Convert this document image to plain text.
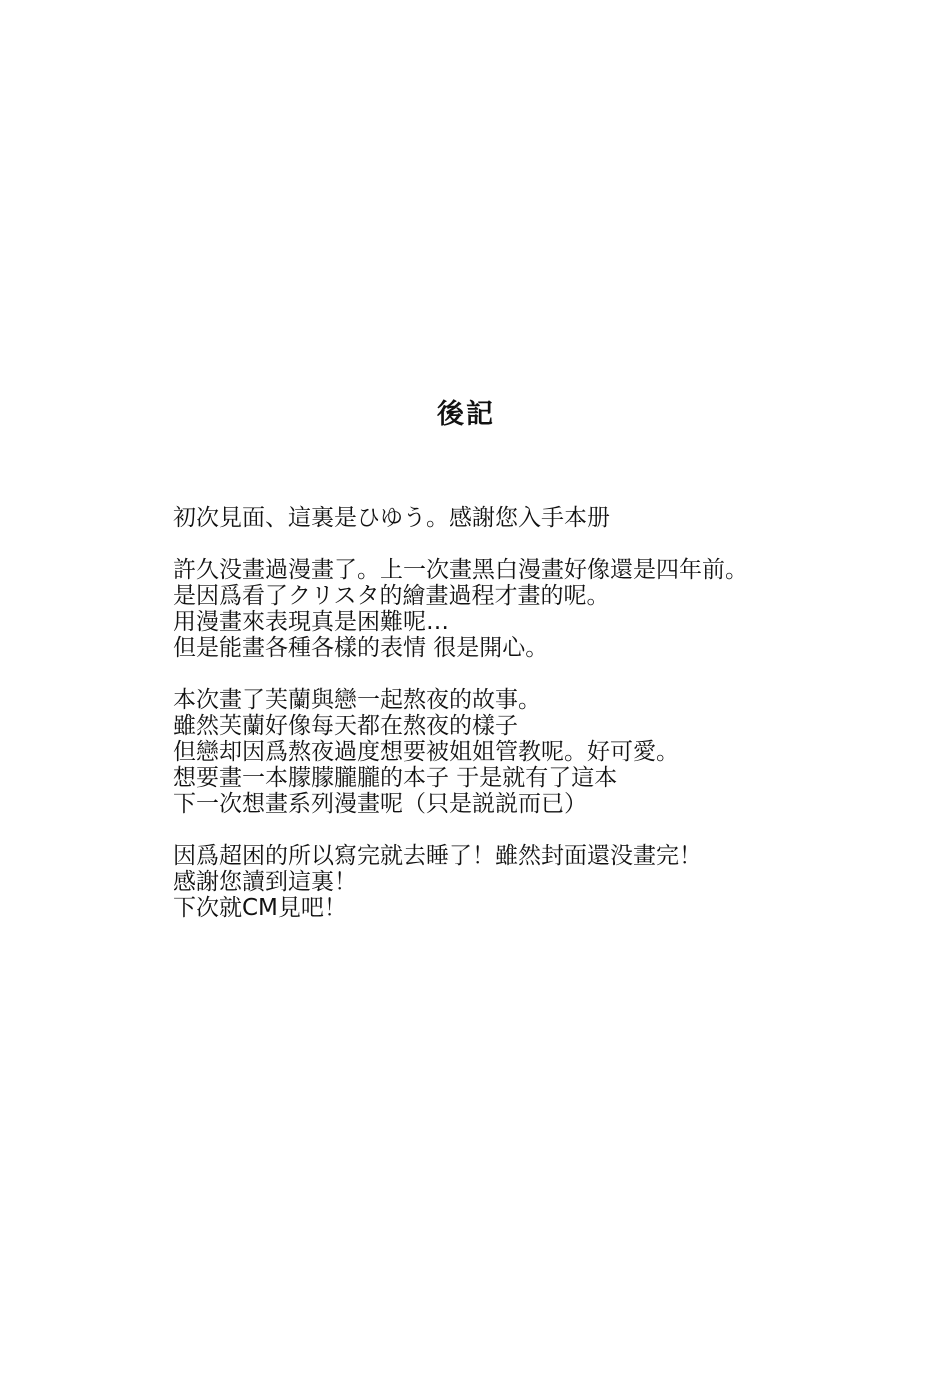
後記
初次見面、這裏是ひゆう。感謝您入手本册
許久没畫過漫畫了。上一次畫黑白漫畫好像還是四年前。
是因爲看了クリスタ的繪畫過程才畫的呢。
用漫畫來表現真是困難呢…
但是能畫各種各樣的表情 很是開心。
本次畫了芙蘭與戀一起熬夜的故事。
雖然芙蘭好像每天都在熬夜的樣子
但戀却因爲熬夜過度想要被姐姐管教呢。好可愛。
想要畫一本朦朦朧朧的本子 于是就有了這本
下一次想畫系列漫畫呢（只是説説而已）
因爲超困的所以寫完就去睡了！雖然封面還没畫完！
感謝您讀到這裏！
下次就CM見吧！
